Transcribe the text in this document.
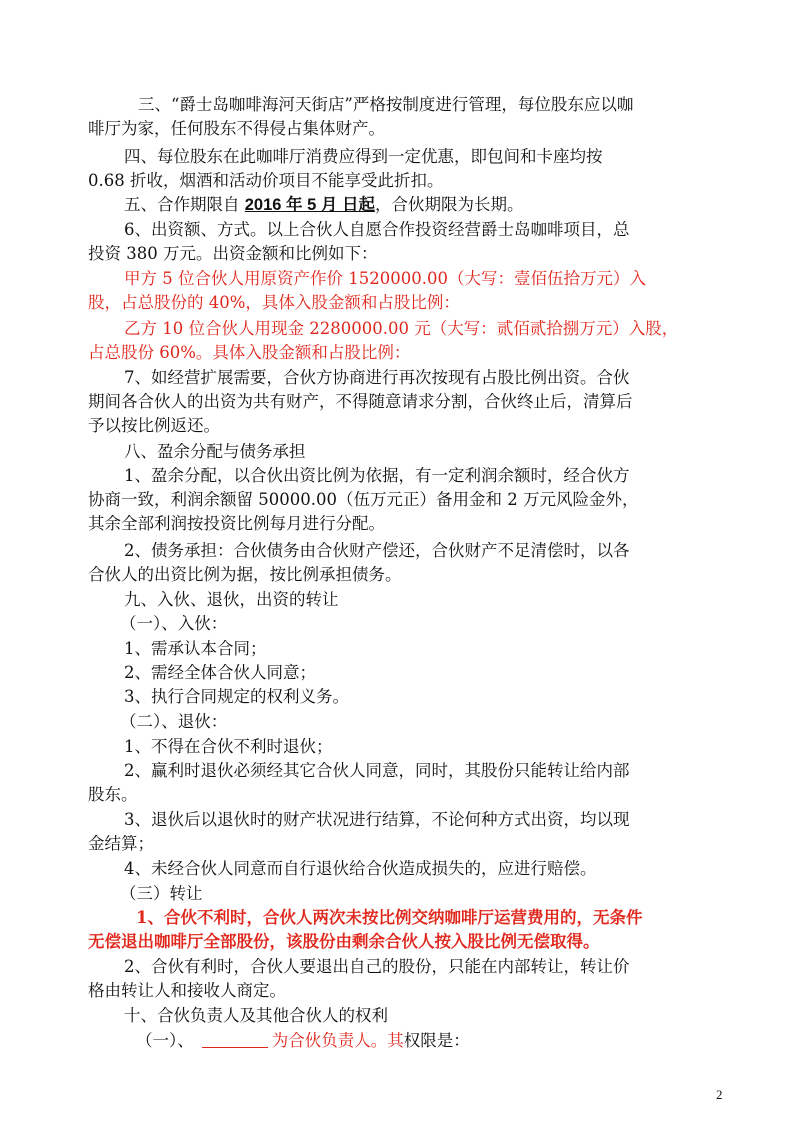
三、“爵士岛咖啡海河天街店”严格按制度进行管理，每位股东应以咖
啡厅为家，任何股东不得侵占集体财产。
四、每位股东在此咖啡厅消费应得到一定优惠，即包间和卡座均按
0.68 折收，烟酒和活动价项目不能享受此折扣。
五、合作期限自 2016 年 5 月 日起，合伙期限为长期。
6、出资额、方式。以上合伙人自愿合作投资经营爵士岛咖啡项目，总
投资 380 万元。出资金额和比例如下：
甲方 5 位合伙人用原资产作价 1520000.00（大写：壹佰伍拾万元）入
股，占总股份的 40%，具体入股金额和占股比例：
乙方 10 位合伙人用现金 2280000.00 元（大写：贰佰贰拾捌万元）入股，
占总股份 60%。具体入股金额和占股比例：
7、如经营扩展需要，合伙方协商进行再次按现有占股比例出资。合伙
期间各合伙人的出资为共有财产，不得随意请求分割，合伙终止后，清算后
予以按比例返还。
八、盈余分配与债务承担
1、盈余分配，以合伙出资比例为依据，有一定利润余额时，经合伙方
协商一致，利润余额留 50000.00（伍万元正）备用金和 2 万元风险金外，
其余全部利润按投资比例每月进行分配。
2、债务承担：合伙债务由合伙财产偿还，合伙财产不足清偿时，以各
合伙人的出资比例为据，按比例承担债务。
九、入伙、退伙，出资的转让
（一）、入伙：
1、需承认本合同；
2、需经全体合伙人同意；
3、执行合同规定的权利义务。
（二）、退伙：
1、不得在合伙不利时退伙；
2、赢利时退伙必须经其它合伙人同意，同时，其股份只能转让给内部
股东。
3、退伙后以退伙时的财产状况进行结算，不论何种方式出资，均以现
金结算；
4、未经合伙人同意而自行退伙给合伙造成损失的，应进行赔偿。
（三）转让
1、合伙不利时，合伙人两次未按比例交纳咖啡厅运营费用的，无条件
无偿退出咖啡厅全部股份，该股份由剩余合伙人按入股比例无偿取得。
2、合伙有利时，合伙人要退出自己的股份，只能在内部转让，转让价
格由转让人和接收人商定。
十、合伙负责人及其他合伙人的权利
（一）、	为合伙负责人。其权限是：
2
